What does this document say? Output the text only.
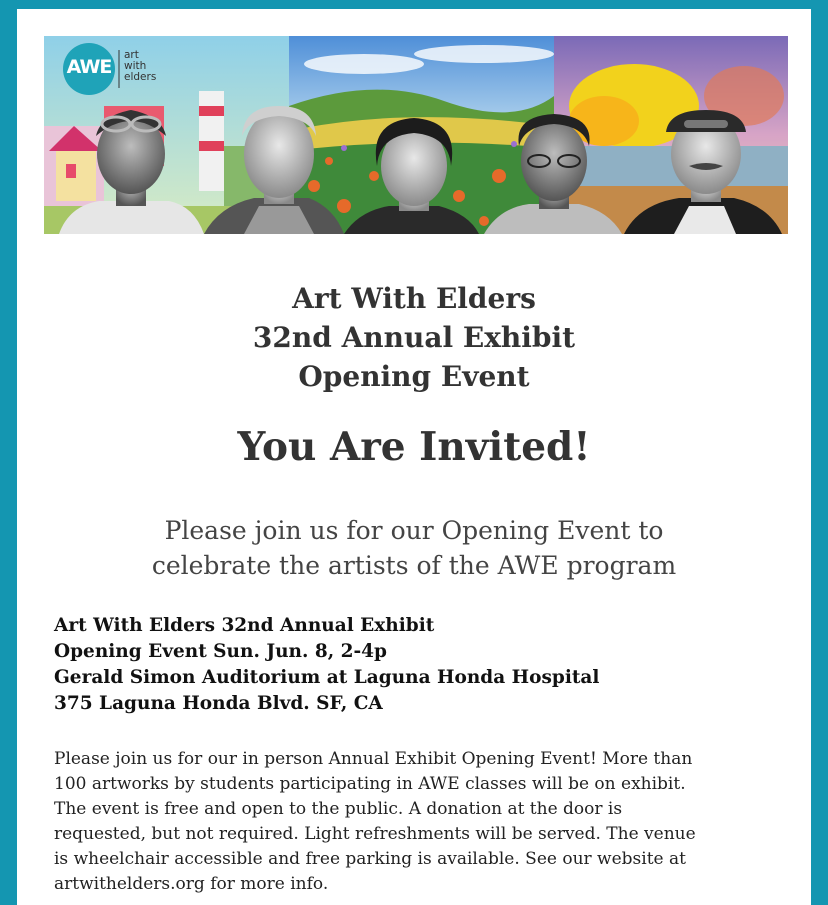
AWE
art
with
elders
Art With Elders
32nd Annual Exhibit
Opening Event
You Are Invited!
Please join us for our Opening Event to
celebrate the artists of the AWE program
Art With Elders 32nd Annual Exhibit
Opening Event Sun. Jun. 8, 2-4p
Gerald Simon Auditorium at Laguna Honda Hospital
375 Laguna Honda Blvd. SF, CA
Please join us for our in person Annual Exhibit Opening Event! More than
100 artworks by students participating in AWE classes will be on exhibit.
The event is free and open to the public. A donation at the door is
requested, but not required. Light refreshments will be served. The venue
is wheelchair accessible and free parking is available. See our website at
artwithelders.org for more info.
